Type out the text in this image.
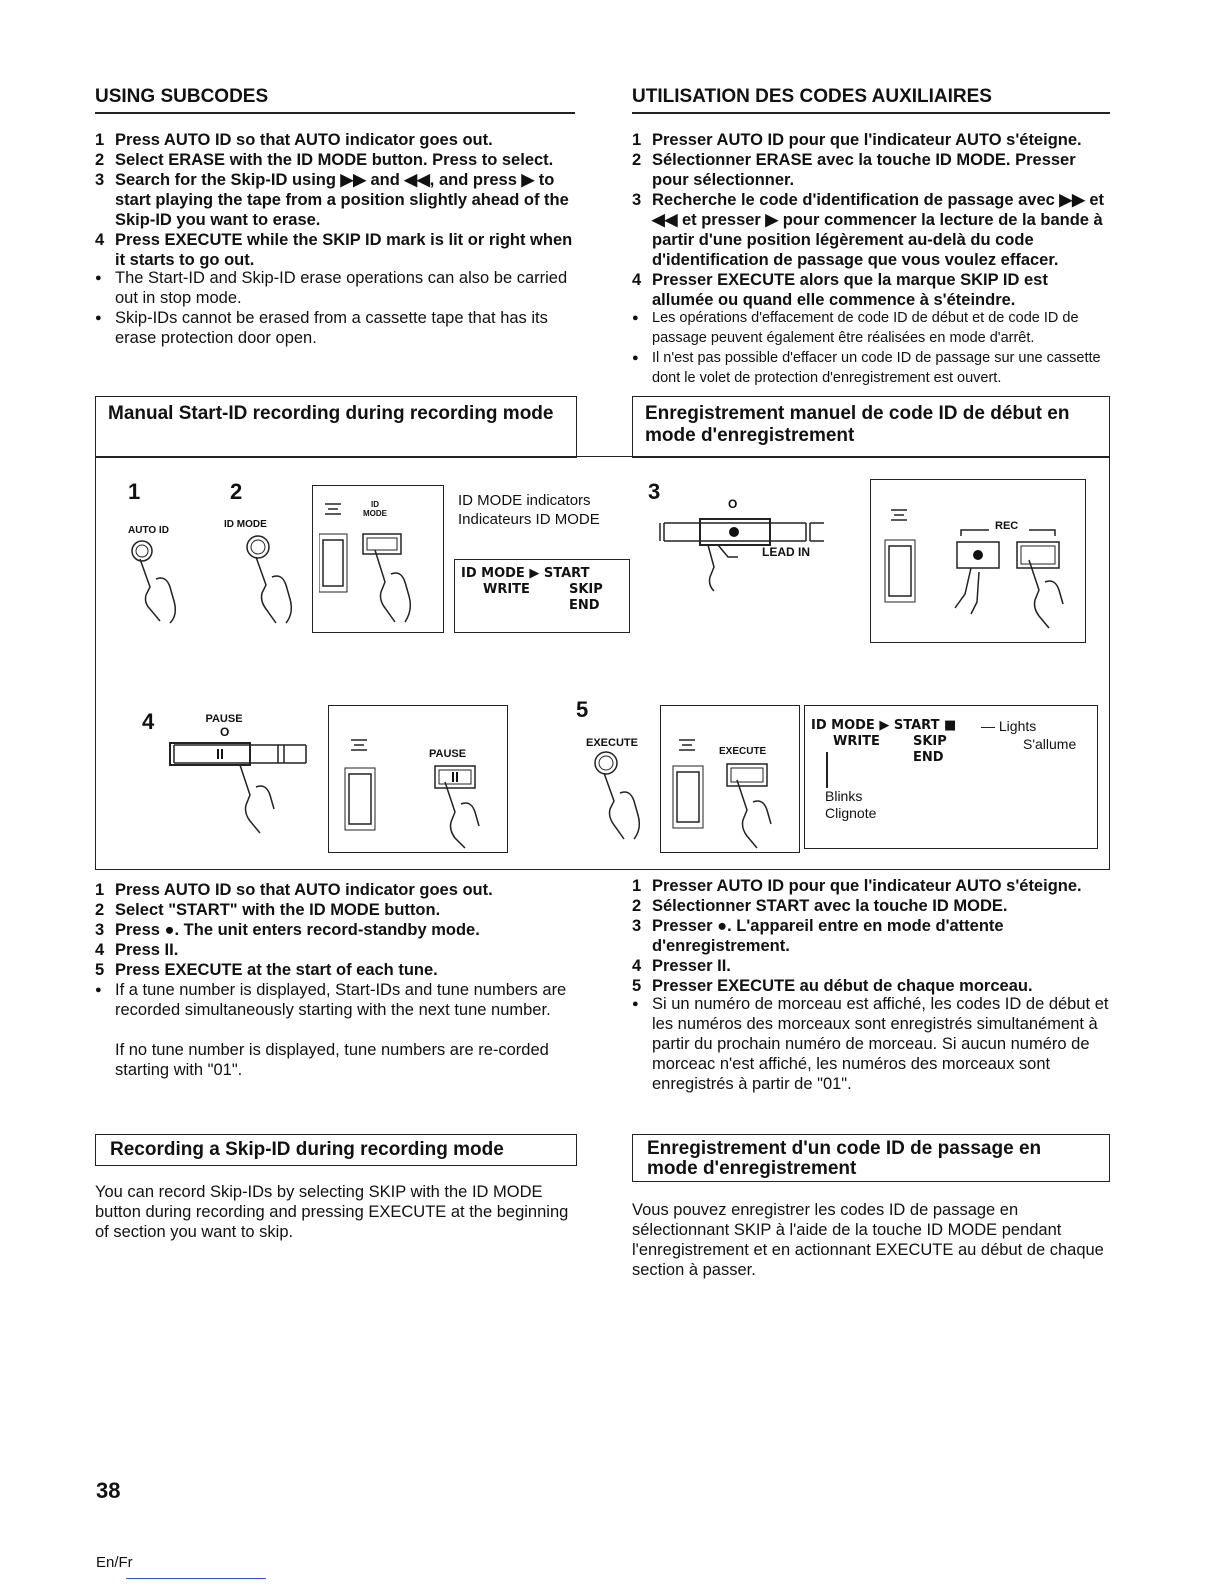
USING SUBCODES
1 Press AUTO ID so that AUTO indicator goes out.
2 Select ERASE with the ID MODE button. Press to select.
3 Search for the Skip-ID using ▶▶ and ◀◀, and press ▶ to start playing the tape from a position slightly ahead of the Skip-ID you want to erase.
4 Press EXECUTE while the SKIP ID mark is lit or right when it starts to go out.
● The Start-ID and Skip-ID erase operations can also be carried out in stop mode.
● Skip-IDs cannot be erased from a cassette tape that has its erase protection door open.
UTILISATION DES CODES AUXILIAIRES
1 Presser AUTO ID pour que l'indicateur AUTO s'éteigne.
2 Sélectionner ERASE avec la touche ID MODE. Presser pour sélectionner.
3 Recherche le code d'identification de passage avec ▶▶ et ◀◀ et presser ▶ pour commencer la lecture de la bande à partir d'une position légèrement au-delà du code d'identification de passage que vous voulez effacer.
4 Presser EXECUTE alors que la marque SKIP ID est allumée ou quand elle commence à s'éteindre.
● Les opérations d'effacement de code ID de début et de code ID de passage peuvent également être réalisées en mode d'arrêt.
● Il n'est pas possible d'effacer un code ID de passage sur une cassette dont le volet de protection d'enregistrement est ouvert.
Manual Start-ID recording during recording mode	Enregistrement manuel de code ID de début en mode d'enregistrement
1
AUTO ID
2
ID MODE
ID MODE
ID MODE indicators
Indicateurs ID MODE
ID MODE ▶ START
WRITE	SKIP
END
3	O
LEAD IN
REC
4	PAUSE
O
PAUSE
5
EXECUTE
EXECUTE
ID MODE ▶ START ■	— Lights
S'allume
WRITE	SKIP
END
Blinks
Clignote
1 Press AUTO ID so that AUTO indicator goes out.
2 Select "START" with the ID MODE button.
3 Press ●. The unit enters record-standby mode.
4 Press II.
5 Press EXECUTE at the start of each tune.
● If a tune number is displayed, Start-IDs and tune numbers are recorded simultaneously starting with the next tune number.
If no tune number is displayed, tune numbers are re-corded starting with "01".
1 Presser AUTO ID pour que l'indicateur AUTO s'éteigne.
2 Sélectionner START avec la touche ID MODE.
3 Presser ●. L'appareil entre en mode d'attente d'enregistrement.
4 Presser II.
5 Presser EXECUTE au début de chaque morceau.
● Si un numéro de morceau est affiché, les codes ID de début et les numéros des morceaux sont enregistrés simultanément à partir du prochain numéro de morceau. Si aucun numéro de morceac n'est affiché, les numéros des morceaux sont enregistrés à partir de "01".
Recording a Skip-ID during recording mode
You can record Skip-IDs by selecting SKIP with the ID MODE button during recording and pressing EXECUTE at the beginning of section you want to skip.
Enregistrement d'un code ID de passage en mode d'enregistrement
Vous pouvez enregistrer les codes ID de passage en sélectionnant SKIP à l'aide de la touche ID MODE pendant l'enregistrement et en actionnant EXECUTE au début de chaque section à passer.
38
En/Fr
